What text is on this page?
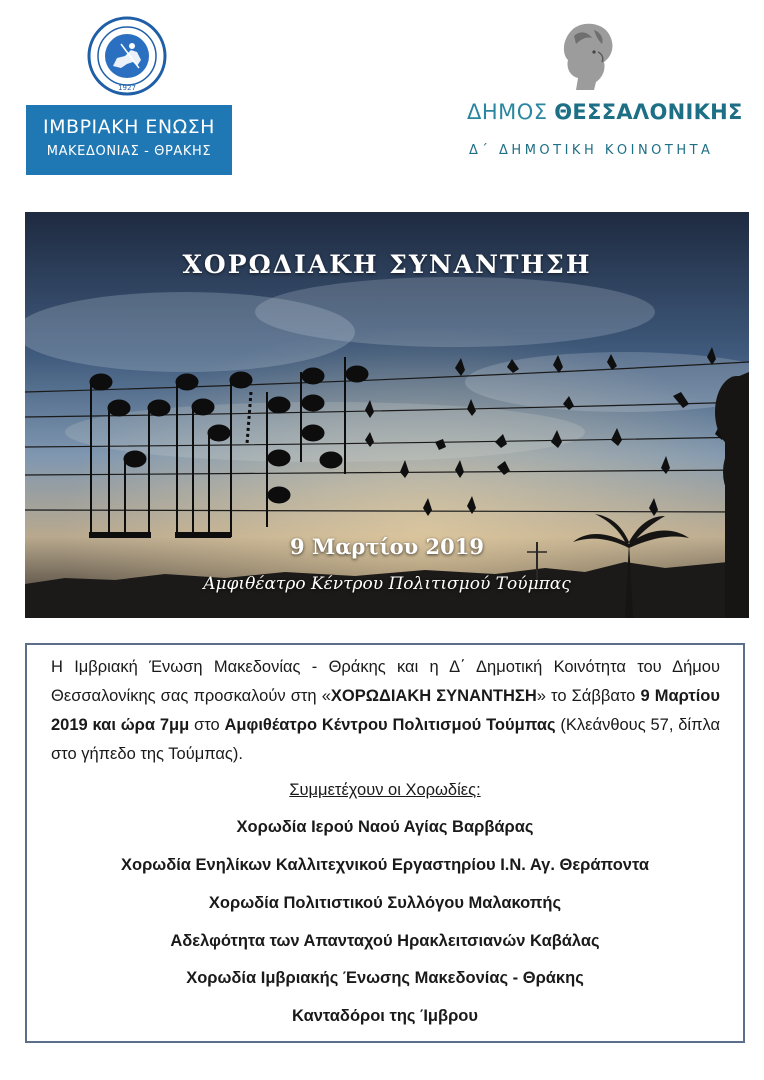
1927
ΙΜΒΡΙΑΚΗ ΕΝΩΣΗ
ΜΑΚΕΔΟΝΙΑΣ - ΘΡΑΚΗΣ
ΔΗΜΟΣ ΘΕΣΣΑΛΟΝΙΚΗΣ
Δ΄ ΔΗΜΟΤΙΚΗ ΚΟΙΝΟΤΗΤΑ
ΧΟΡΩΔΙΑΚΗ ΣΥΝΑΝΤΗΣΗ
9 Μαρτίου 2019
Αμφιθέατρο Κέντρου Πολιτισμού Τούμπας
Η Ιμβριακή Ένωση Μακεδονίας - Θράκης και η Δ΄ Δημοτική Κοινότητα του Δήμου Θεσσαλονίκης σας προσκαλούν στη «ΧΟΡΩΔΙΑΚΗ ΣΥΝΑΝΤΗΣΗ» το Σάββατο 9 Μαρτίου 2019 και ώρα 7μμ στο Αμφιθέατρο Κέντρου Πολιτισμού Τούμπας (Κλεάνθους 57, δίπλα στο γήπεδο της Τούμπας).
Συμμετέχουν οι Χορωδίες:
Χορωδία Ιερού Ναού Αγίας Βαρβάρας
Χορωδία Ενηλίκων Καλλιτεχνικού Εργαστηρίου Ι.Ν. Αγ. Θεράποντα
Χορωδία Πολιτιστικού Συλλόγου Μαλακοπής
Αδελφότητα των Απανταχού Ηρακλειτσιανών Καβάλας
Χορωδία Ιμβριακής Ένωσης Μακεδονίας - Θράκης
Κανταδόροι της Ίμβρου
